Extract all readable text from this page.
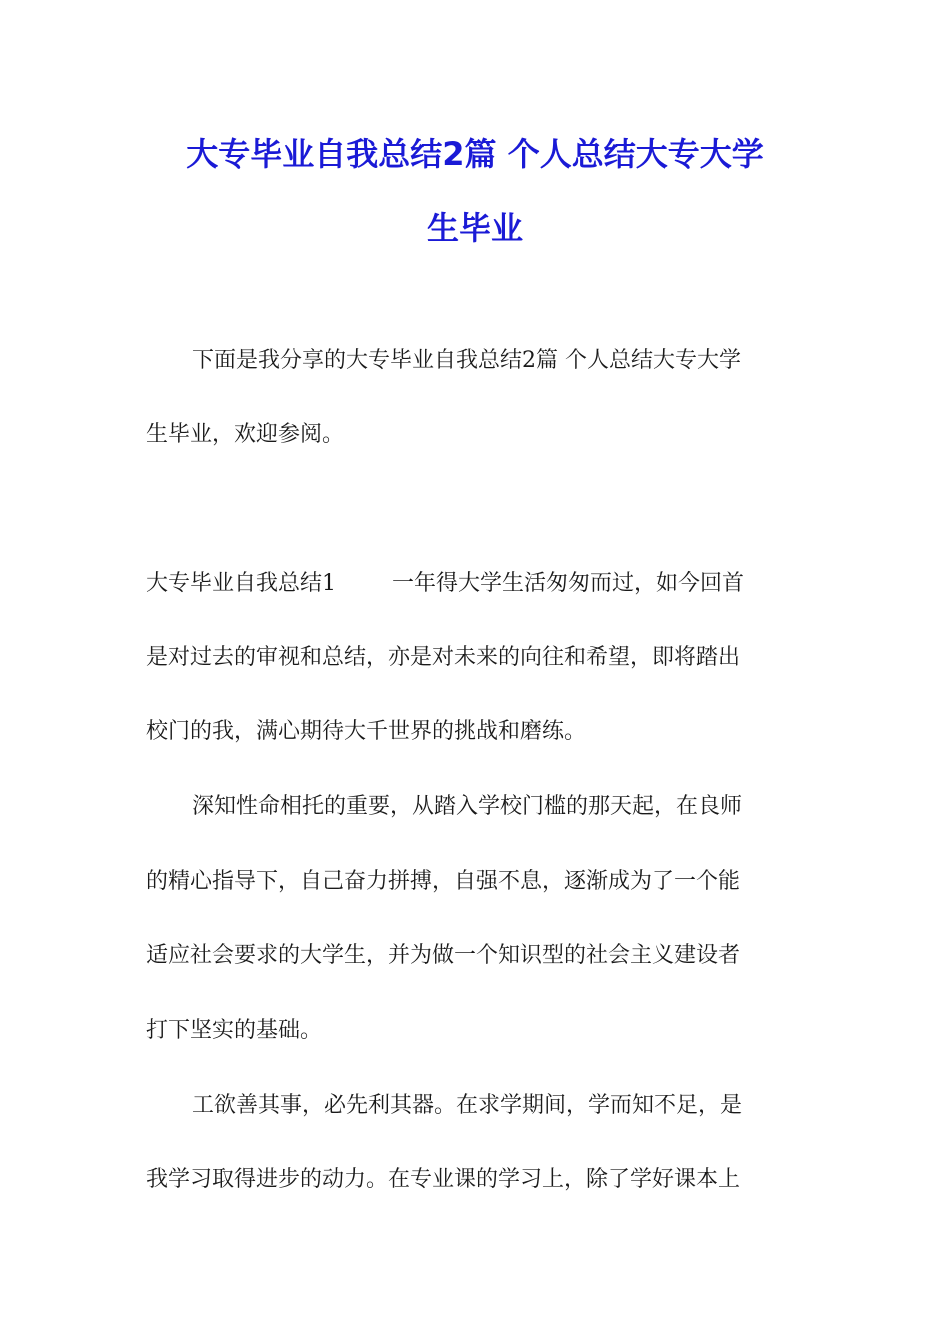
大专毕业自我总结2篇 个人总结大专大学
生毕业
下面是我分享的大专毕业自我总结2篇 个人总结大专大学
生毕业，欢迎参阅。
大专毕业自我总结1	一年得大学生活匆匆而过，如今回首
是对过去的审视和总结，亦是对未来的向往和希望，即将踏出
校门的我，满心期待大千世界的挑战和磨练。
深知性命相托的重要，从踏入学校门槛的那天起，在良师
的精心指导下，自己奋力拼搏，自强不息，逐渐成为了一个能
适应社会要求的大学生，并为做一个知识型的社会主义建设者
打下坚实的基础。
工欲善其事，必先利其器。在求学期间，学而知不足，是
我学习取得进步的动力。在专业课的学习上，除了学好课本上
